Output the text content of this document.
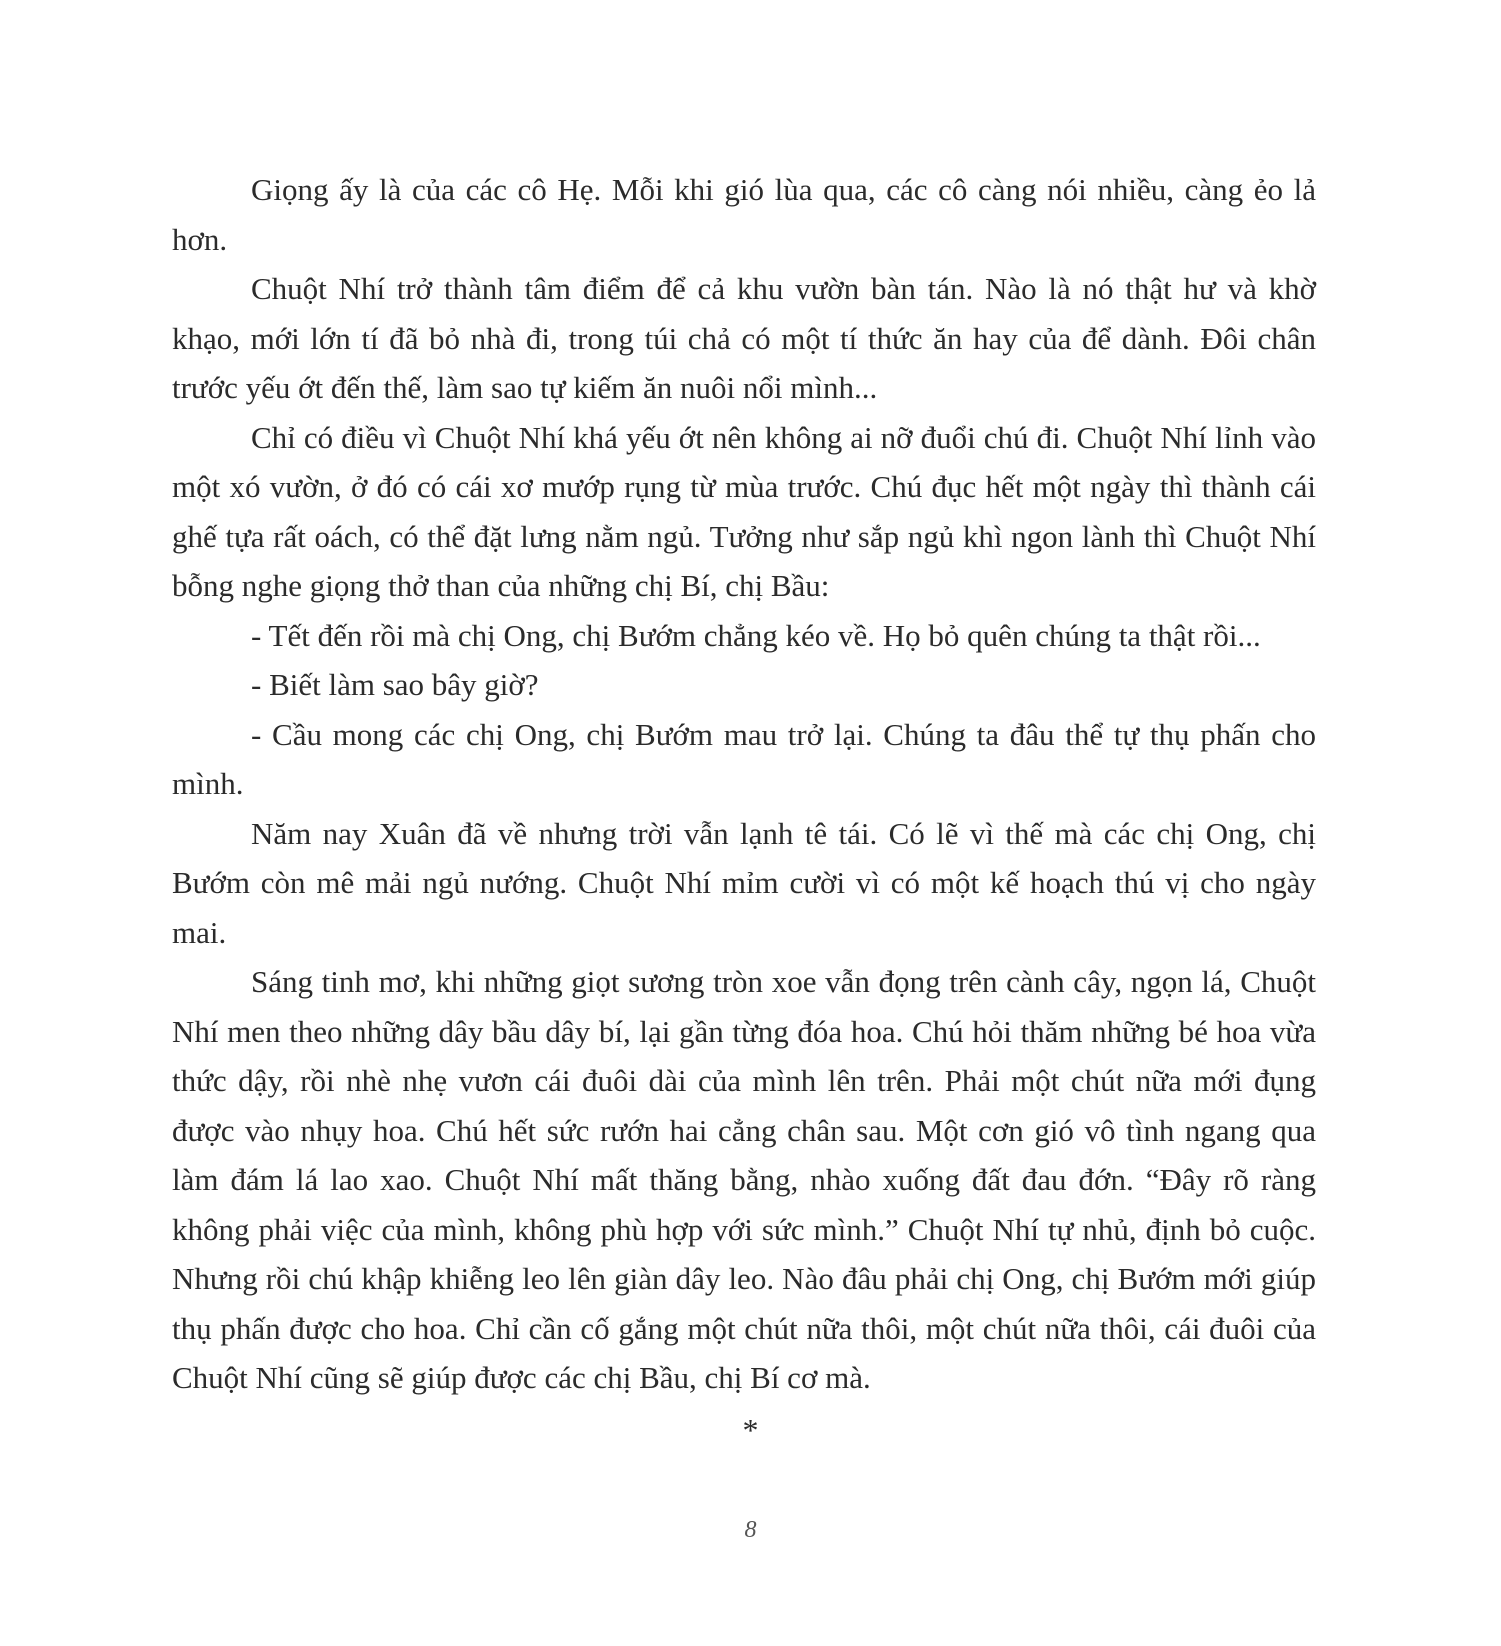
Giọng ấy là của các cô Hẹ. Mỗi khi gió lùa qua, các cô càng nói nhiều, càng ẻo lả hơn.

Chuột Nhí trở thành tâm điểm để cả khu vườn bàn tán. Nào là nó thật hư và khờ khạo, mới lớn tí đã bỏ nhà đi, trong túi chả có một tí thức ăn hay của để dành. Đôi chân trước yếu ớt đến thế, làm sao tự kiếm ăn nuôi nổi mình...

Chỉ có điều vì Chuột Nhí khá yếu ớt nên không ai nỡ đuổi chú đi. Chuột Nhí lỉnh vào một xó vườn, ở đó có cái xơ mướp rụng từ mùa trước. Chú đục hết một ngày thì thành cái ghế tựa rất oách, có thể đặt lưng nằm ngủ. Tưởng như sắp ngủ khì ngon lành thì Chuột Nhí bỗng nghe giọng thở than của những chị Bí, chị Bầu:

- Tết đến rồi mà chị Ong, chị Bướm chẳng kéo về. Họ bỏ quên chúng ta thật rồi...

- Biết làm sao bây giờ?

- Cầu mong các chị Ong, chị Bướm mau trở lại. Chúng ta đâu thể tự thụ phấn cho mình.

Năm nay Xuân đã về nhưng trời vẫn lạnh tê tái. Có lẽ vì thế mà các chị Ong, chị Bướm còn mê mải ngủ nướng. Chuột Nhí mỉm cười vì có một kế hoạch thú vị cho ngày mai.

Sáng tinh mơ, khi những giọt sương tròn xoe vẫn đọng trên cành cây, ngọn lá, Chuột Nhí men theo những dây bầu dây bí, lại gần từng đóa hoa. Chú hỏi thăm những bé hoa vừa thức dậy, rồi nhè nhẹ vươn cái đuôi dài của mình lên trên. Phải một chút nữa mới đụng được vào nhụy hoa. Chú hết sức rướn hai cẳng chân sau. Một cơn gió vô tình ngang qua làm đám lá lao xao. Chuột Nhí mất thăng bằng, nhào xuống đất đau đớn. “Đây rõ ràng không phải việc của mình, không phù hợp với sức mình.” Chuột Nhí tự nhủ, định bỏ cuộc. Nhưng rồi chú khập khiễng leo lên giàn dây leo. Nào đâu phải chị Ong, chị Bướm mới giúp thụ phấn được cho hoa. Chỉ cần cố gắng một chút nữa thôi, một chút nữa thôi, cái đuôi của Chuột Nhí cũng sẽ giúp được các chị Bầu, chị Bí cơ mà.

*
8
